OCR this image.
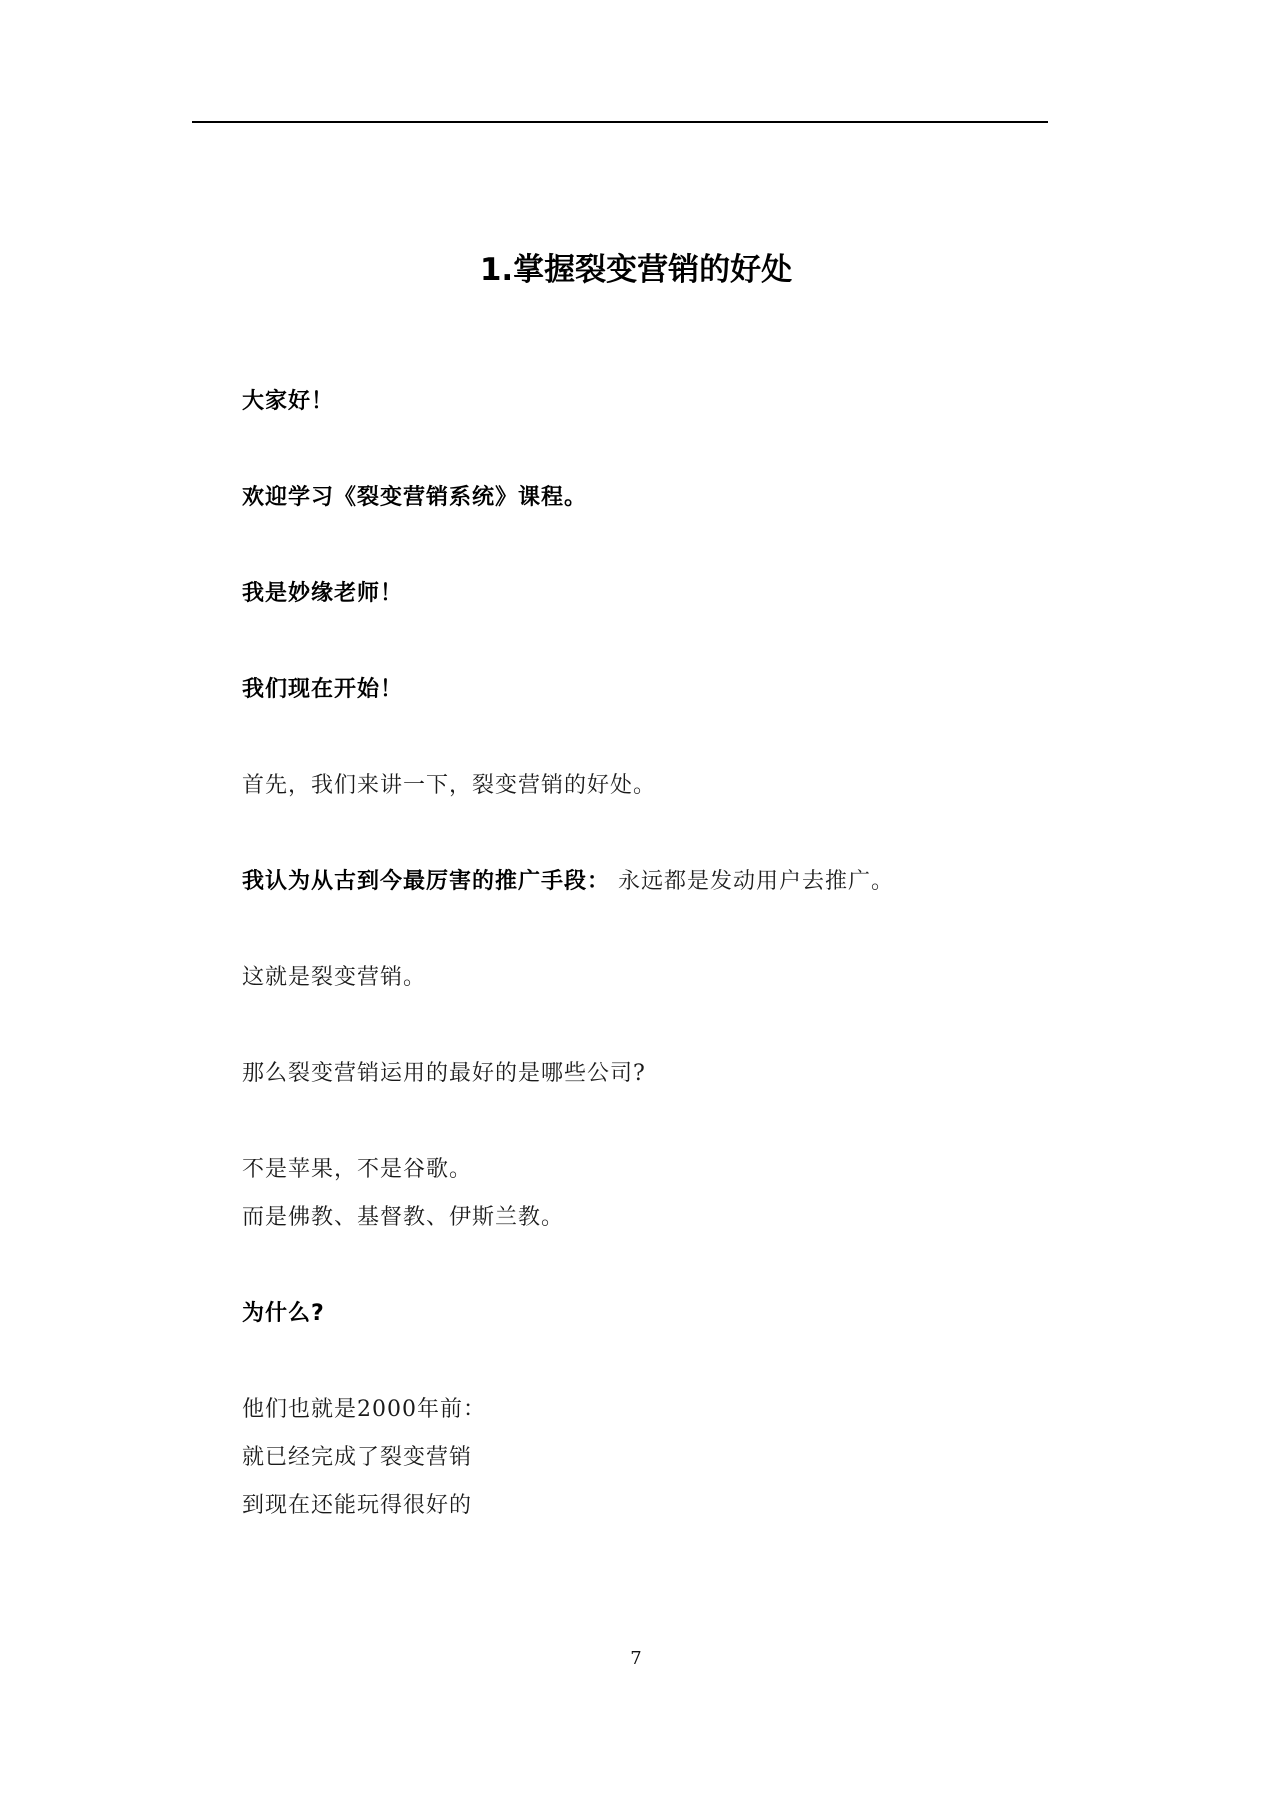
1.掌握裂变营销的好处
大家好！
欢迎学习《裂变营销系统》课程。
我是妙缘老师！
我们现在开始！
首先，我们来讲一下，裂变营销的好处。
我认为从古到今最厉害的推广手段： 永远都是发动用户去推广。
这就是裂变营销。
那么裂变营销运用的最好的是哪些公司?
不是苹果，不是谷歌。
而是佛教、基督教、伊斯兰教。
为什么?
他们也就是2000年前：
就已经完成了裂变营销
到现在还能玩得很好的
7
